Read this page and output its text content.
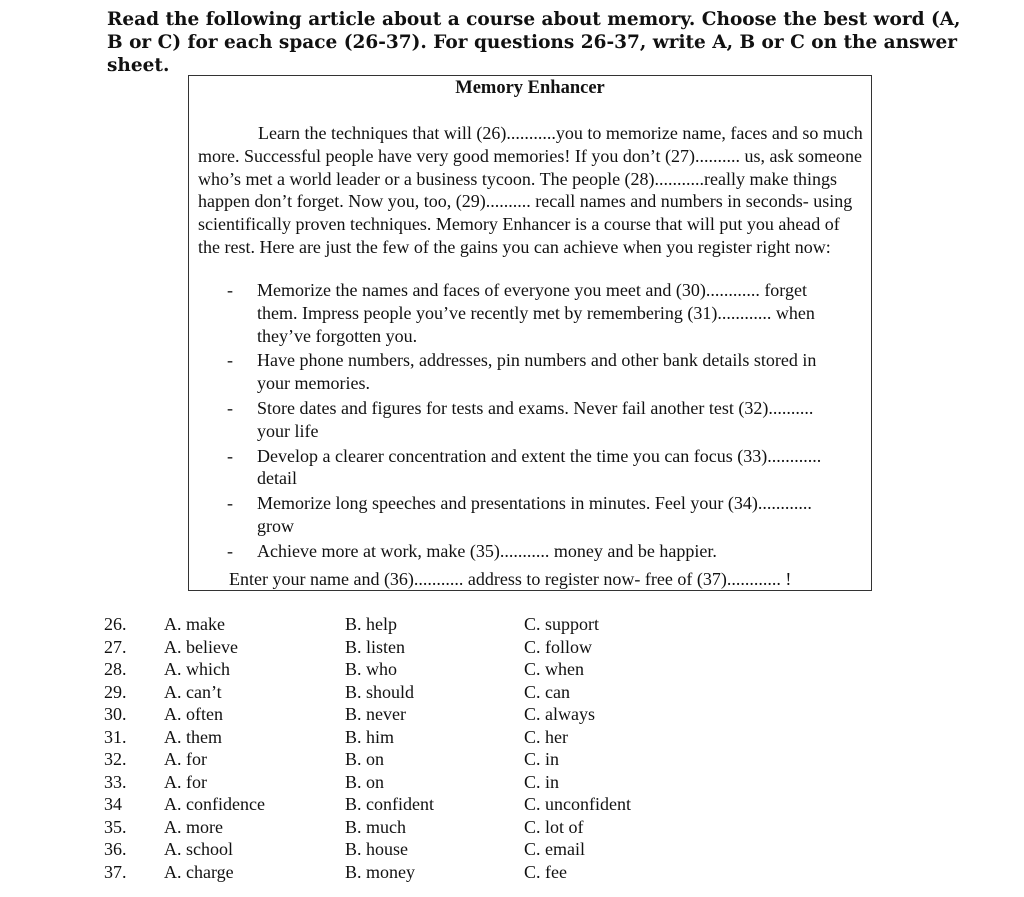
Read the following article about a course about memory. Choose the best word (A, B or C) for each space (26-37). For questions 26-37, write A, B or C on the answer sheet.

Memory Enhancer
Learn the techniques that will (26)...........you to memorize name, faces and so much more. Successful people have very good memories! If you don’t (27).......... us, ask someone who’s met a world leader or a business tycoon. The people (28)...........really make things happen don’t forget. Now you, too, (29).......... recall names and numbers in seconds- using scientifically proven techniques. Memory Enhancer is a course that will put you ahead of the rest. Here are just the few of the gains you can achieve when you register right now:
- Memorize the names and faces of everyone you meet and (30)............ forget them. Impress people you’ve recently met by remembering (31)............ when they’ve forgotten you.
- Have phone numbers, addresses, pin numbers and other bank details stored in your memories.
- Store dates and figures for tests and exams. Never fail another test (32).......... your life
- Develop a clearer concentration and extent the time you can focus (33)............ detail
- Memorize long speeches and presentations in minutes. Feel your (34)............ grow
- Achieve more at work, make (35)........... money and be happier.
Enter your name and (36)........... address to register now- free of (37)............ !
26.	A. make	B. help	C. support
27.	A. believe	B. listen	C. follow
28.	A. which	B. who	C. when
29.	A. can’t	B. should	C. can
30.	A. often	B. never	C. always
31.	A. them	B. him	C. her
32.	A. for	B. on	C. in
33.	A. for	B. on	C. in
34	A. confidence	B. confident	C. unconfident
35.	A. more	B. much	C. lot of
36.	A. school	B. house	C. email
37.	A. charge	B. money	C. fee
